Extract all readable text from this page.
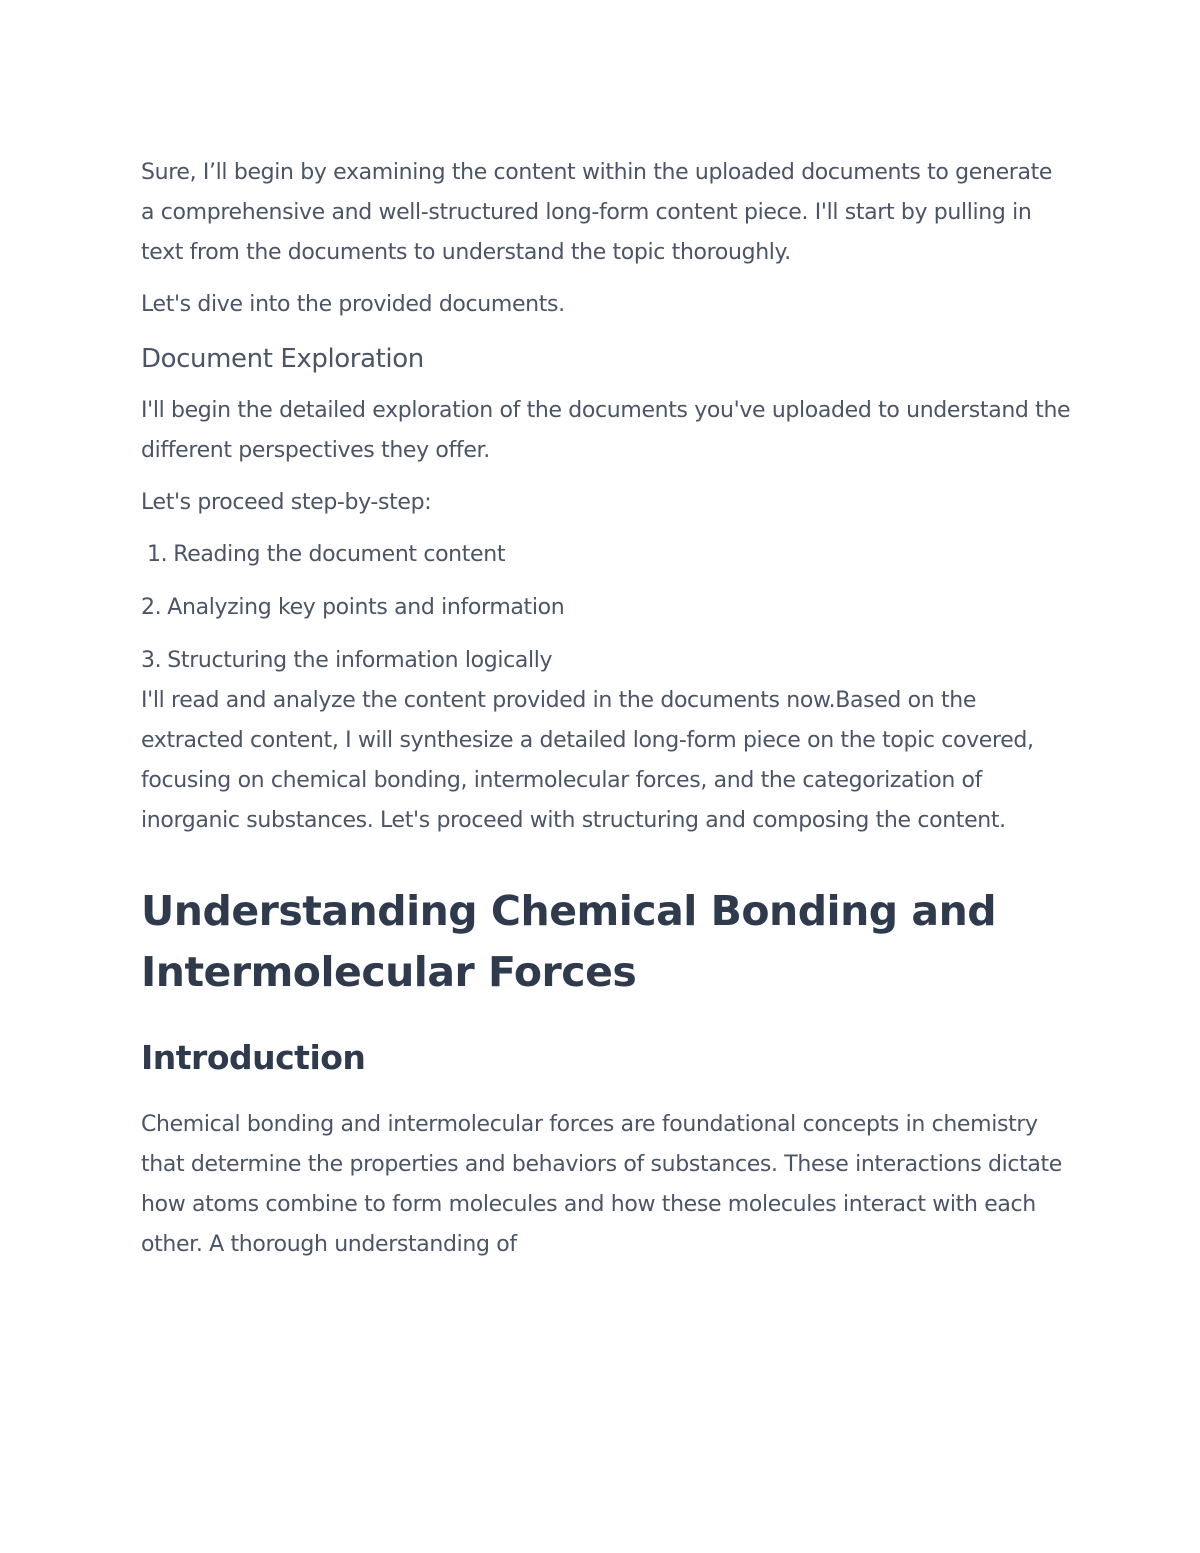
Sure, I’ll begin by examining the content within the uploaded documents to generate a comprehensive and well-structured long-form content piece. I'll start by pulling in text from the documents to understand the topic thoroughly.

Let's dive into the provided documents.

Document Exploration

I'll begin the detailed exploration of the documents you've uploaded to understand the different perspectives they offer.

Let's proceed step-by-step:

1. Reading the document content
2. Analyzing key points and information
3. Structuring the information logically

I'll read and analyze the content provided in the documents now.Based on the extracted content, I will synthesize a detailed long-form piece on the topic covered, focusing on chemical bonding, intermolecular forces, and the categorization of inorganic substances. Let's proceed with structuring and composing the content.

Understanding Chemical Bonding and Intermolecular Forces
Introduction

Chemical bonding and intermolecular forces are foundational concepts in chemistry that determine the properties and behaviors of substances. These interactions dictate how atoms combine to form molecules and how these molecules interact with each other. A thorough understanding of
